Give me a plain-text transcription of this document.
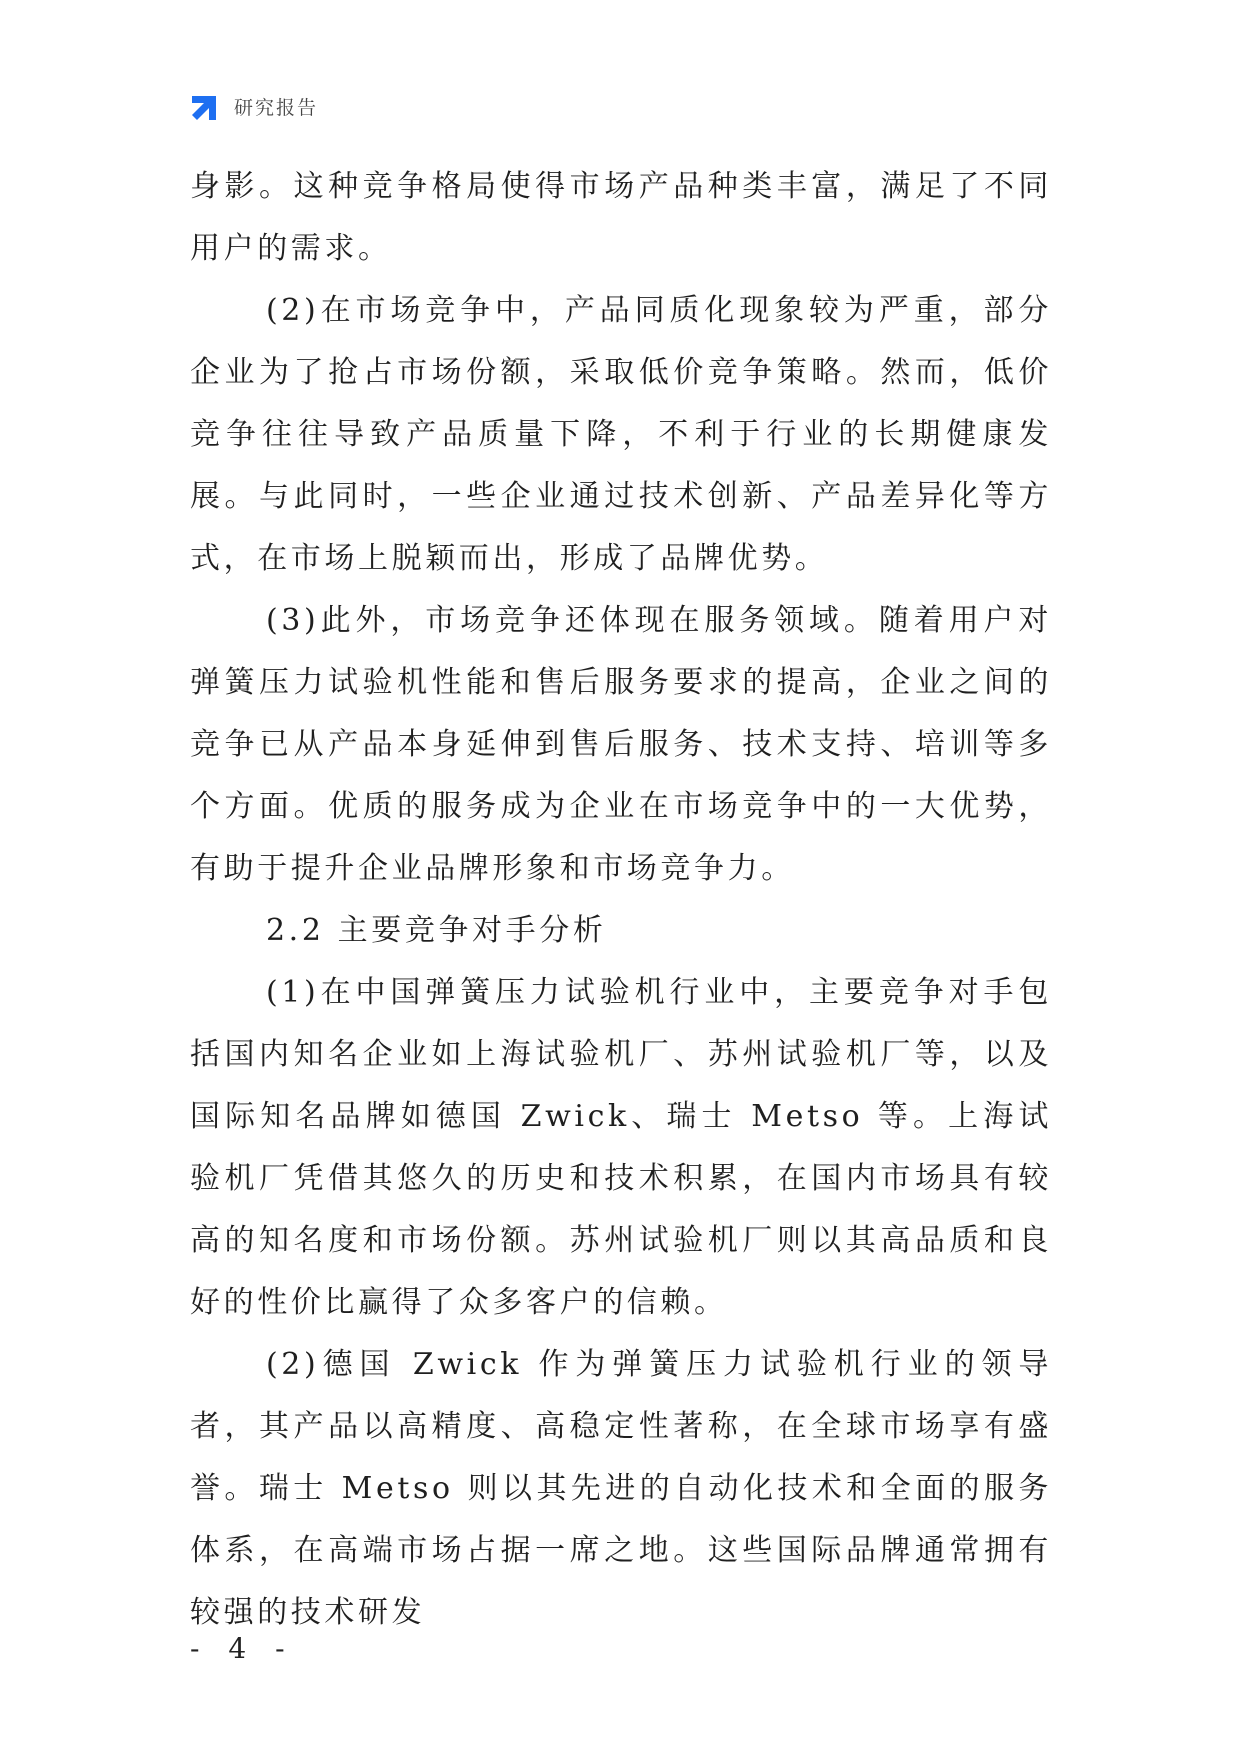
研究报告

身影。这种竞争格局使得市场产品种类丰富，满足了不同用户的需求。

(2)在市场竞争中，产品同质化现象较为严重，部分企业为了抢占市场份额，采取低价竞争策略。然而，低价竞争往往导致产品质量下降，不利于行业的长期健康发展。与此同时，一些企业通过技术创新、产品差异化等方式，在市场上脱颖而出，形成了品牌优势。

(3)此外，市场竞争还体现在服务领域。随着用户对弹簧压力试验机性能和售后服务要求的提高，企业之间的竞争已从产品本身延伸到售后服务、技术支持、培训等多个方面。优质的服务成为企业在市场竞争中的一大优势，有助于提升企业品牌形象和市场竞争力。

2.2 主要竞争对手分析

(1)在中国弹簧压力试验机行业中，主要竞争对手包括国内知名企业如上海试验机厂、苏州试验机厂等，以及国际知名品牌如德国 Zwick、瑞士 Metso 等。上海试验机厂凭借其悠久的历史和技术积累，在国内市场具有较高的知名度和市场份额。苏州试验机厂则以其高品质和良好的性价比赢得了众多客户的信赖。

(2)德国 Zwick 作为弹簧压力试验机行业的领导者，其产品以高精度、高稳定性著称，在全球市场享有盛誉。瑞士 Metso 则以其先进的自动化技术和全面的服务体系，在高端市场占据一席之地。这些国际品牌通常拥有较强的技术研发

- 4 -
